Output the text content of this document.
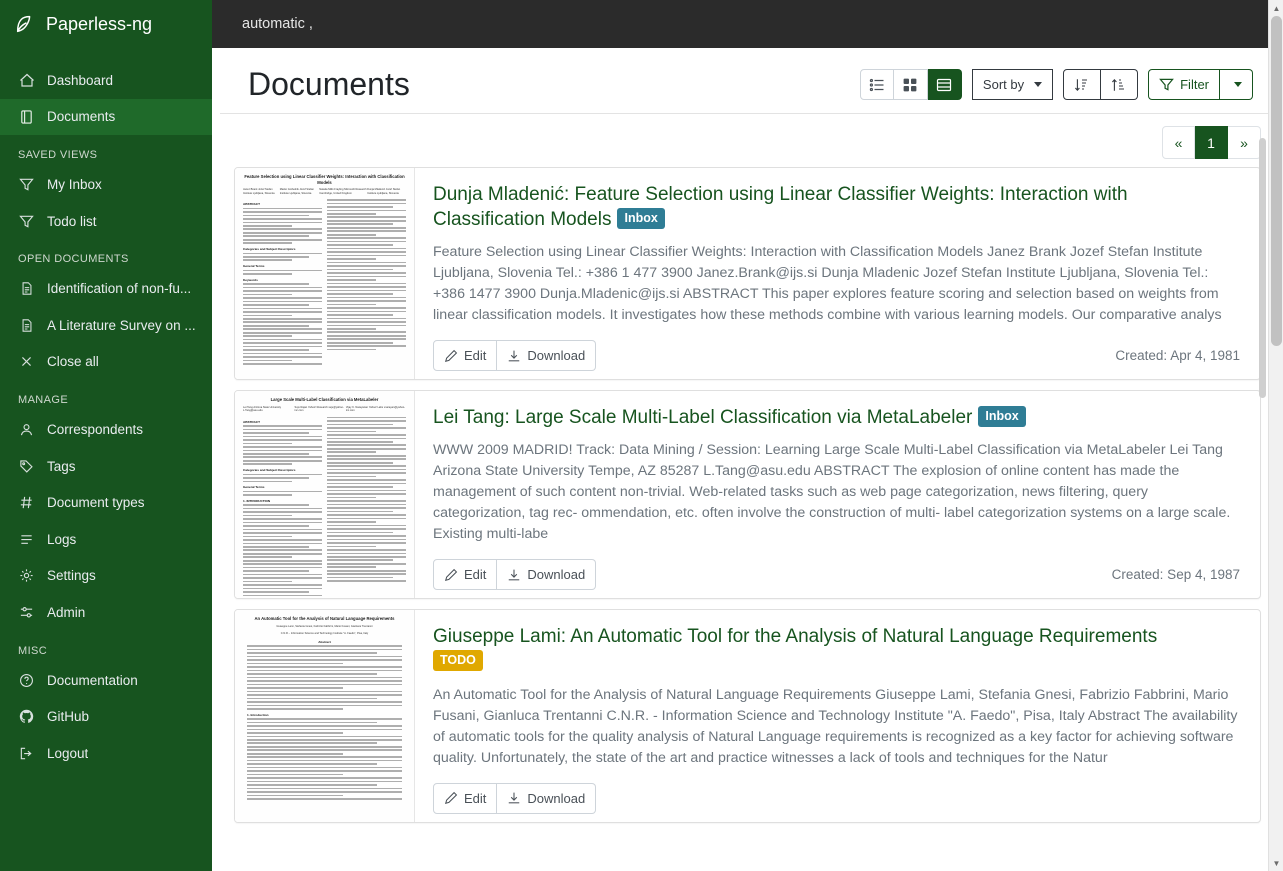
Paperless-ng
Dashboard
Documents
SAVED VIEWS
My Inbox
Todo list
OPEN DOCUMENTS
Identification of non-fu...
A Literature Survey on ...
Close all
MANAGE
Correspondents
Tags
Document types
Logs
Settings
Admin
MISC
Documentation
GitHub
Logout
automatic ,
Documents	Sort by	Filter
«	1	»
Feature Selection using Linear Classifier Weights: Interaction with Classification Models
Janez Brank Jozef Stefan Institute Ljubljana, Slovenia
Marko Grobelnik Jozef Stefan Institute Ljubljana, Slovenia
Nataša Milić-Frayling Microsoft Research Cambridge, United Kingdom
Dunja Mladenić Jozef Stefan Institute Ljubljana, Slovenia
ABSTRACT
Categories and Subject Descriptors
General Terms
Keywords
Dunja Mladenić: Feature Selection using Linear Classifier Weights: Interaction with Classification Models Inbox

Feature Selection using Linear Classifier Weights: Interaction with Classification Models Janez Brank Jozef Stefan Institute Ljubljana, Slovenia Tel.: +386 1 477 3900 Janez.Brank@ijs.si Dunja Mladenic Jozef Stefan Institute Ljubljana, Slovenia Tel.: +386 1477 3900 Dunja.Mladenic@ijs.si ABSTRACT This paper explores feature scoring and selection based on weights from linear classification models. It investigates how these methods combine with various learning models. Our comparative analys

Edit	Download	Created: Apr 4, 1981
Large Scale Multi-Label Classification via MetaLabeler
Lei Tang Arizona State University L.Tang@asu.edu
Suju Rajan Yahoo! Research suju@yahoo-inc.com
Vijay K. Narayanan Yahoo! Labs vnarayan@yahoo-inc.com
ABSTRACT
Categories and Subject Descriptors
General Terms
1. INTRODUCTION
Lei Tang: Large Scale Multi-Label Classification via MetaLabeler Inbox

WWW 2009 MADRID! Track: Data Mining / Session: Learning Large Scale Multi-Label Classification via MetaLabeler Lei Tang Arizona State University Tempe, AZ 85287 L.Tang@asu.edu ABSTRACT The explosion of online content has made the management of such content non-trivial. Web-related tasks such as web page categorization, news filtering, query categorization, tag rec- ommendation, etc. often involve the construction of multi- label categorization systems on a large scale. Existing multi-labe

Edit	Download	Created: Sep 4, 1987
An Automatic Tool for the Analysis of Natural Language Requirements
Giuseppe Lami, Stefania Gnesi, Fabrizio Fabbrini, Mario Fusani, Gianluca Trentanni
C.N.R. - Information Science and Technology Institute "A. Faedo", Pisa, Italy
Abstract
1. Introduction
Giuseppe Lami: An Automatic Tool for the Analysis of Natural Language Requirements
TODO

An Automatic Tool for the Analysis of Natural Language Requirements Giuseppe Lami, Stefania Gnesi, Fabrizio Fabbrini, Mario Fusani, Gianluca Trentanni C.N.R. - Information Science and Technology Institute "A. Faedo", Pisa, Italy Abstract The availability of automatic tools for the quality analysis of Natural Language requirements is recognized as a key factor for achieving software quality. Unfortunately, the state of the art and practice witnesses a lack of tools and techniques for the Natur

Edit	Download
▲
▼
